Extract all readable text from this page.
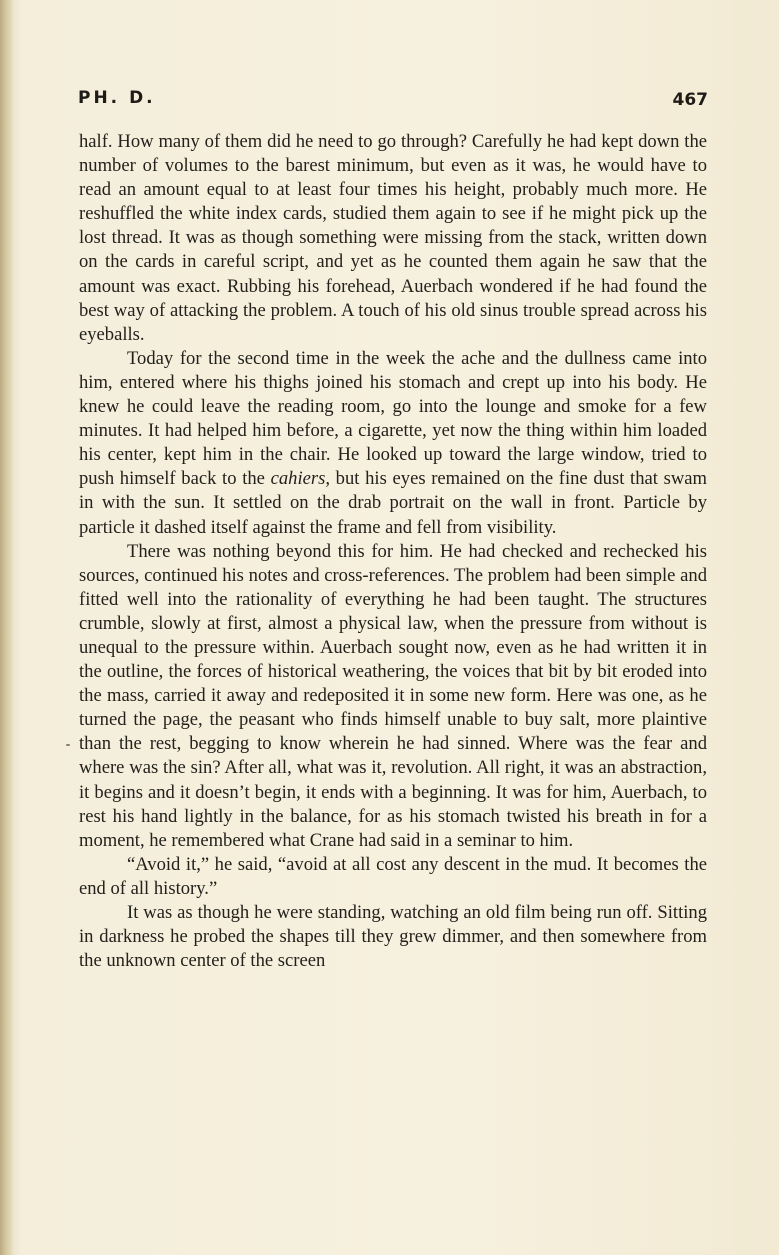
PH. D.	467

half. How many of them did he need to go through? Carefully he had kept down the number of volumes to the barest minimum, but even as it was, he would have to read an amount equal to at least four times his height, probably much more. He reshuffled the white index cards, studied them again to see if he might pick up the lost thread. It was as though something were missing from the stack, written down on the cards in careful script, and yet as he counted them again he saw that the amount was exact. Rubbing his forehead, Auerbach wondered if he had found the best way of attacking the problem. A touch of his old sinus trouble spread across his eyeballs.

Today for the second time in the week the ache and the dullness came into him, entered where his thighs joined his stomach and crept up into his body. He knew he could leave the reading room, go into the lounge and smoke for a few minutes. It had helped him before, a cigarette, yet now the thing within him loaded his center, kept him in the chair. He looked up toward the large window, tried to push himself back to the cahiers, but his eyes remained on the fine dust that swam in with the sun. It settled on the drab portrait on the wall in front. Particle by particle it dashed itself against the frame and fell from visibility.

There was nothing beyond this for him. He had checked and rechecked his sources, continued his notes and cross-references. The problem had been simple and fitted well into the rationality of everything he had been taught. The structures crumble, slowly at first, almost a physical law, when the pressure from without is unequal to the pressure within. Auerbach sought now, even as he had written it in the outline, the forces of historical weathering, the voices that bit by bit eroded into the mass, carried it away and redeposited it in some new form. Here was one, as he turned the page, the peasant who finds himself unable to buy salt, more plaintive than the rest, begging to know wherein he had sinned. Where was the fear and where was the sin? After all, what was it, revolution. All right, it was an abstraction, it begins and it doesn’t begin, it ends with a beginning. It was for him, Auerbach, to rest his hand lightly in the balance, for as his stomach twisted his breath in for a moment, he remembered what Crane had said in a seminar to him.

“Avoid it,” he said, “avoid at all cost any descent in the mud. It becomes the end of all history.”

It was as though he were standing, watching an old film being run off. Sitting in darkness he probed the shapes till they grew dimmer, and then somewhere from the unknown center of the screen
